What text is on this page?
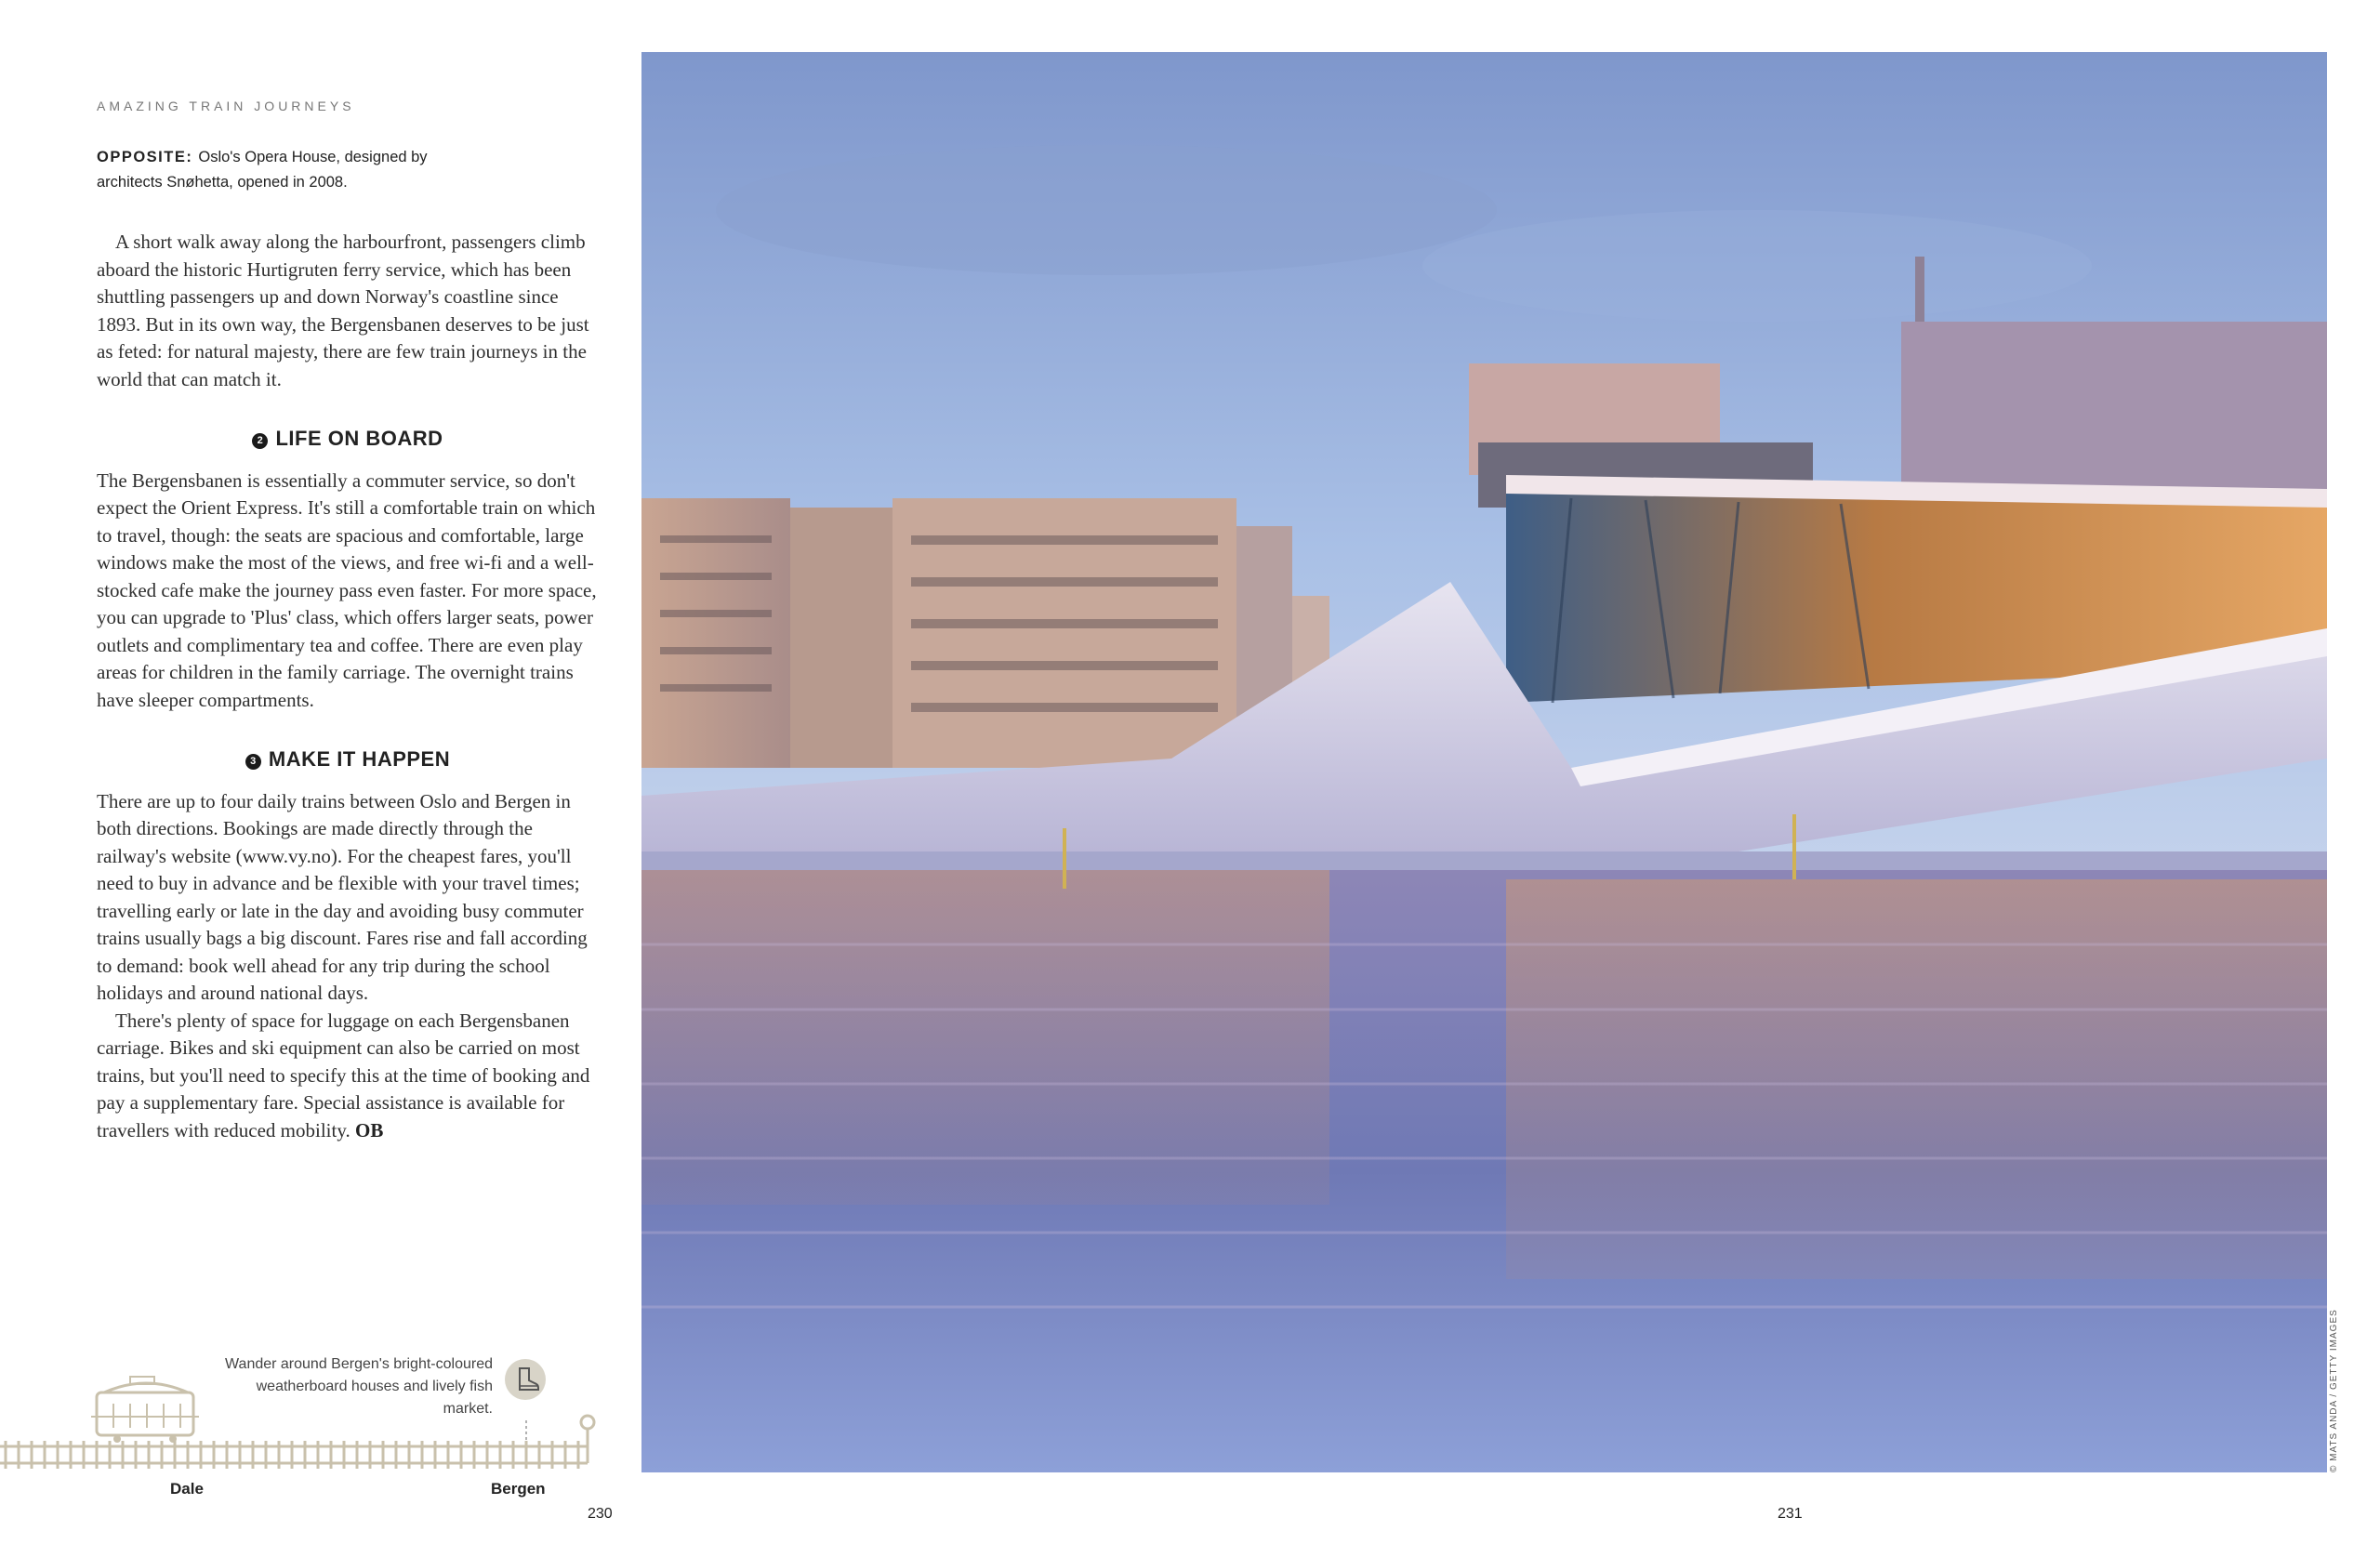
AMAZING TRAIN JOURNEYS
OPPOSITE: Oslo's Opera House, designed by architects Snøhetta, opened in 2008.

A short walk away along the harbourfront, passengers climb aboard the historic Hurtigruten ferry service, which has been shuttling passengers up and down Norway's coastline since 1893. But in its own way, the Bergensbanen deserves to be just as feted: for natural majesty, there are few train journeys in the world that can match it.

2 LIFE ON BOARD

The Bergensbanen is essentially a commuter service, so don't expect the Orient Express. It's still a comfortable train on which to travel, though: the seats are spacious and comfortable, large windows make the most of the views, and free wi-fi and a well-stocked cafe make the journey pass even faster. For more space, you can upgrade to 'Plus' class, which offers larger seats, power outlets and complimentary tea and coffee. There are even play areas for children in the family carriage. The overnight trains have sleeper compartments.

3 MAKE IT HAPPEN

There are up to four daily trains between Oslo and Bergen in both directions. Bookings are made directly through the railway's website (www.vy.no). For the cheapest fares, you'll need to buy in advance and be flexible with your travel times; travelling early or late in the day and avoiding busy commuter trains usually bags a big discount. Fares rise and fall according to demand: book well ahead for any trip during the school holidays and around national days.

There's plenty of space for luggage on each Bergensbanen carriage. Bikes and ski equipment can also be carried on most trains, but you'll need to specify this at the time of booking and pay a supplementary fare. Special assistance is available for travellers with reduced mobility. OB

Wander around Bergen's bright-coloured weatherboard houses and lively fish market.
Dale	Bergen
230
© MATS ANDA / GETTY IMAGES
231
